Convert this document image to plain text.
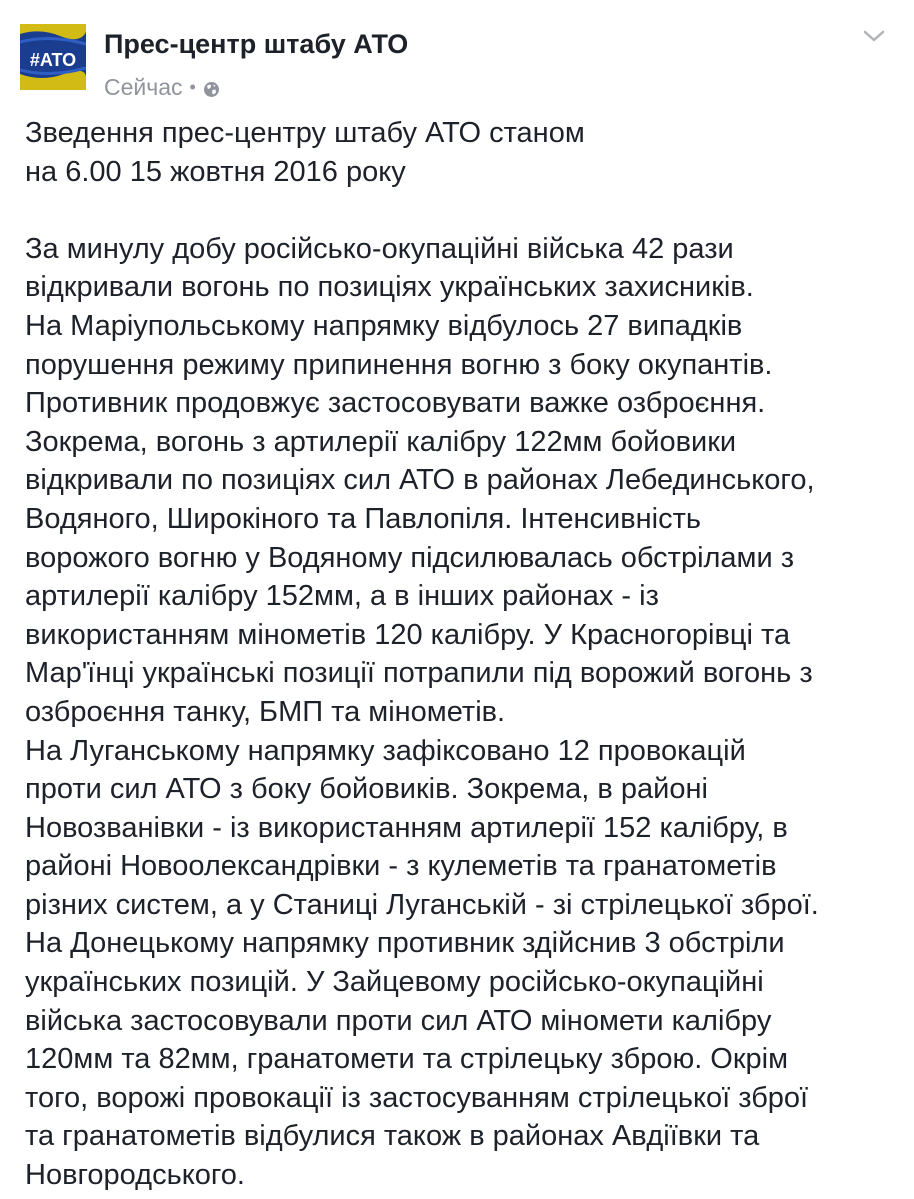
#ATO
Прес-центр штабу АТО
Сейчас •

Зведення прес-центру штабу АТО станом

на 6.00 15 жовтня 2016 року

За минулу добу російсько-окупаційні війська 42 рази

відкривали вогонь по позиціях українських захисників.

На Маріупольському напрямку відбулось 27 випадків

порушення режиму припинення вогню з боку окупантів.

Противник продовжує застосовувати важке озброєння.

Зокрема, вогонь з артилерії калібру 122мм бойовики

відкривали по позиціях сил АТО в районах Лебединського,

Водяного, Широкіного та Павлопіля. Інтенсивність

ворожого вогню у Водяному підсилювалась обстрілами з

артилерії калібру 152мм, а в інших районах - із

використанням мінометів 120 калібру. У Красногорівці та

Мар'їнці українські позиції потрапили під ворожий вогонь з

озброєння танку, БМП та мінометів.

На Луганському напрямку зафіксовано 12 провокацій

проти сил АТО з боку бойовиків. Зокрема, в районі

Новозванівки - із використанням артилерії 152 калібру, в

районі Новоолександрівки - з кулеметів та гранатометів

різних систем, а у Станиці Луганській - зі стрілецької зброї.

На Донецькому напрямку противник здійснив 3 обстріли

українських позицій. У Зайцевому російсько-окупаційні

війська застосовували проти сил АТО міномети калібру

120мм та 82мм, гранатомети та стрілецьку зброю. Окрім

того, ворожі провокації із застосуванням стрілецької зброї

та гранатометів відбулися також в районах Авдіївки та

Новгородського.
